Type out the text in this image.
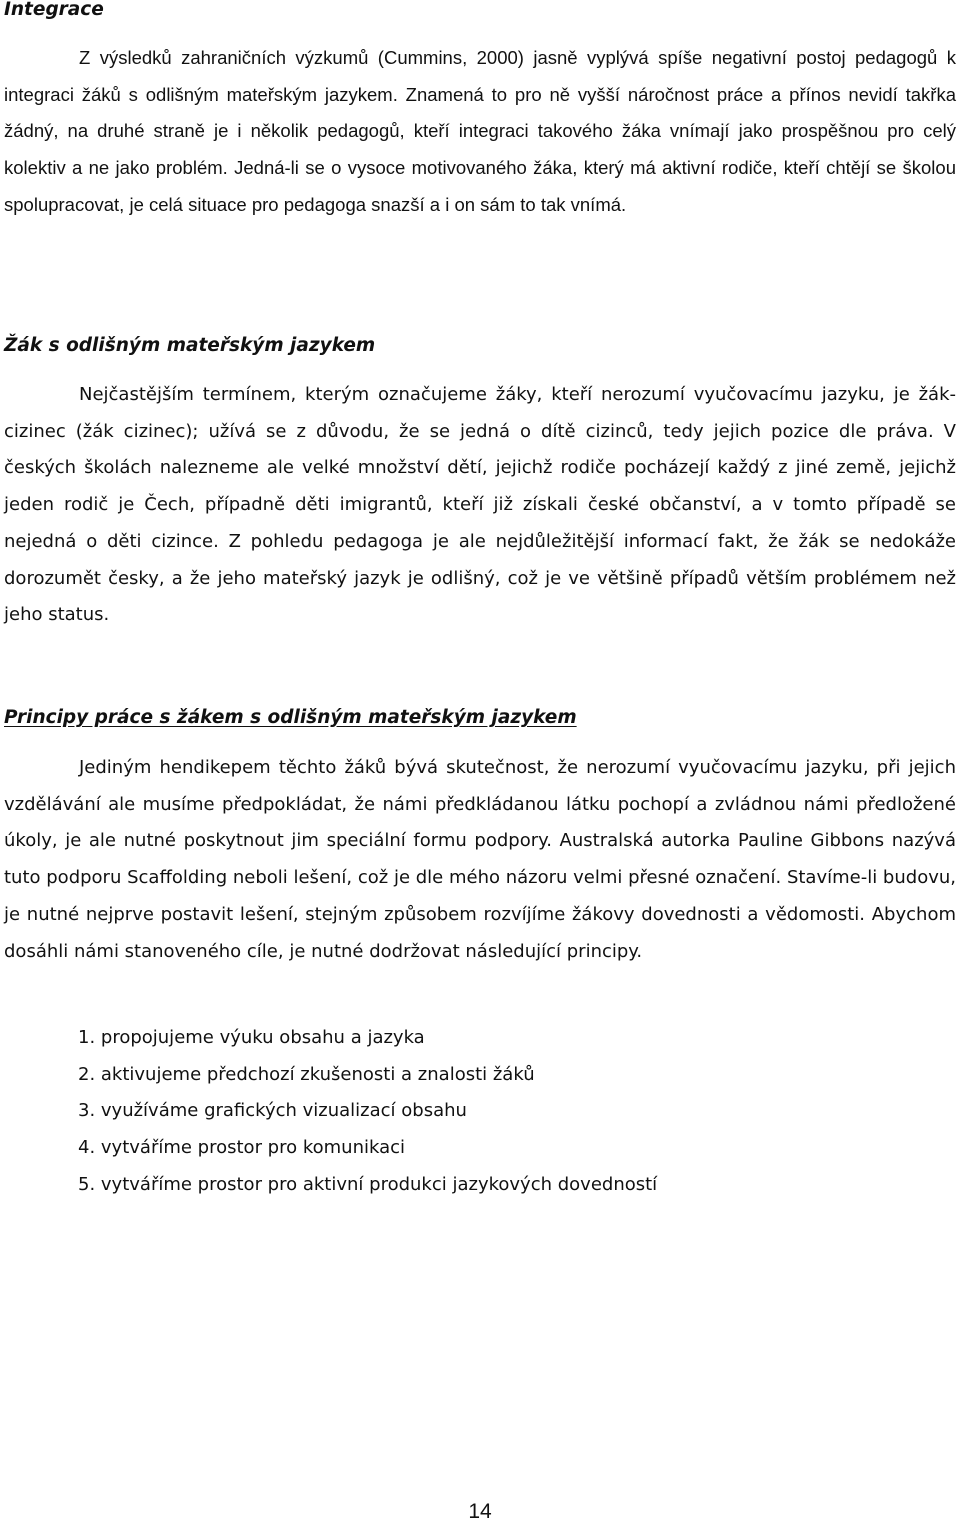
Integrace

Z výsledků zahraničních výzkumů (Cummins, 2000) jasně vyplývá spíše negativní postoj pedagogů k integraci žáků s odlišným mateřským jazykem. Znamená to pro ně vyšší náročnost práce a přínos nevidí takřka žádný, na druhé straně je i několik pedagogů, kteří integraci takového žáka vnímají jako prospěšnou pro celý kolektiv a ne jako problém. Jedná-li se o vysoce motivovaného žáka, který má aktivní rodiče, kteří chtějí se školou spolupracovat, je celá situace pro pedagoga snazší a i on sám to tak vnímá.

Žák s odlišným mateřským jazykem

Nejčastějším termínem, kterým označujeme žáky, kteří nerozumí vyučovacímu jazyku, je žák-cizinec (žák cizinec); užívá se z důvodu, že se jedná o dítě cizinců, tedy jejich pozice dle práva. V českých školách nalezneme ale velké množství dětí, jejichž rodiče pocházejí každý z jiné země, jejichž jeden rodič je Čech, případně děti imigrantů, kteří již získali české občanství, a v tomto případě se nejedná o děti cizince. Z pohledu pedagoga je ale nejdůležitější informací fakt, že žák se nedokáže dorozumět česky, a že jeho mateřský jazyk je odlišný, což je ve většině případů větším problémem než jeho status.

Principy práce s žákem s odlišným mateřským jazykem

Jediným hendikepem těchto žáků bývá skutečnost, že nerozumí vyučovacímu jazyku, při jejich vzdělávání ale musíme předpokládat, že námi předkládanou látku pochopí a zvládnou námi předložené úkoly, je ale nutné poskytnout jim speciální formu podpory. Australská autorka Pauline Gibbons nazývá tuto podporu Scaffolding neboli lešení, což je dle mého názoru velmi přesné označení. Stavíme-li budovu, je nutné nejprve postavit lešení, stejným způsobem rozvíjíme žákovy dovednosti a vědomosti. Abychom dosáhli námi stanoveného cíle, je nutné dodržovat následující principy.

1. propojujeme výuku obsahu a jazyka
2. aktivujeme předchozí zkušenosti a znalosti žáků
3. využíváme grafických vizualizací obsahu
4. vytváříme prostor pro komunikaci
5. vytváříme prostor pro aktivní produkci jazykových dovedností
14
